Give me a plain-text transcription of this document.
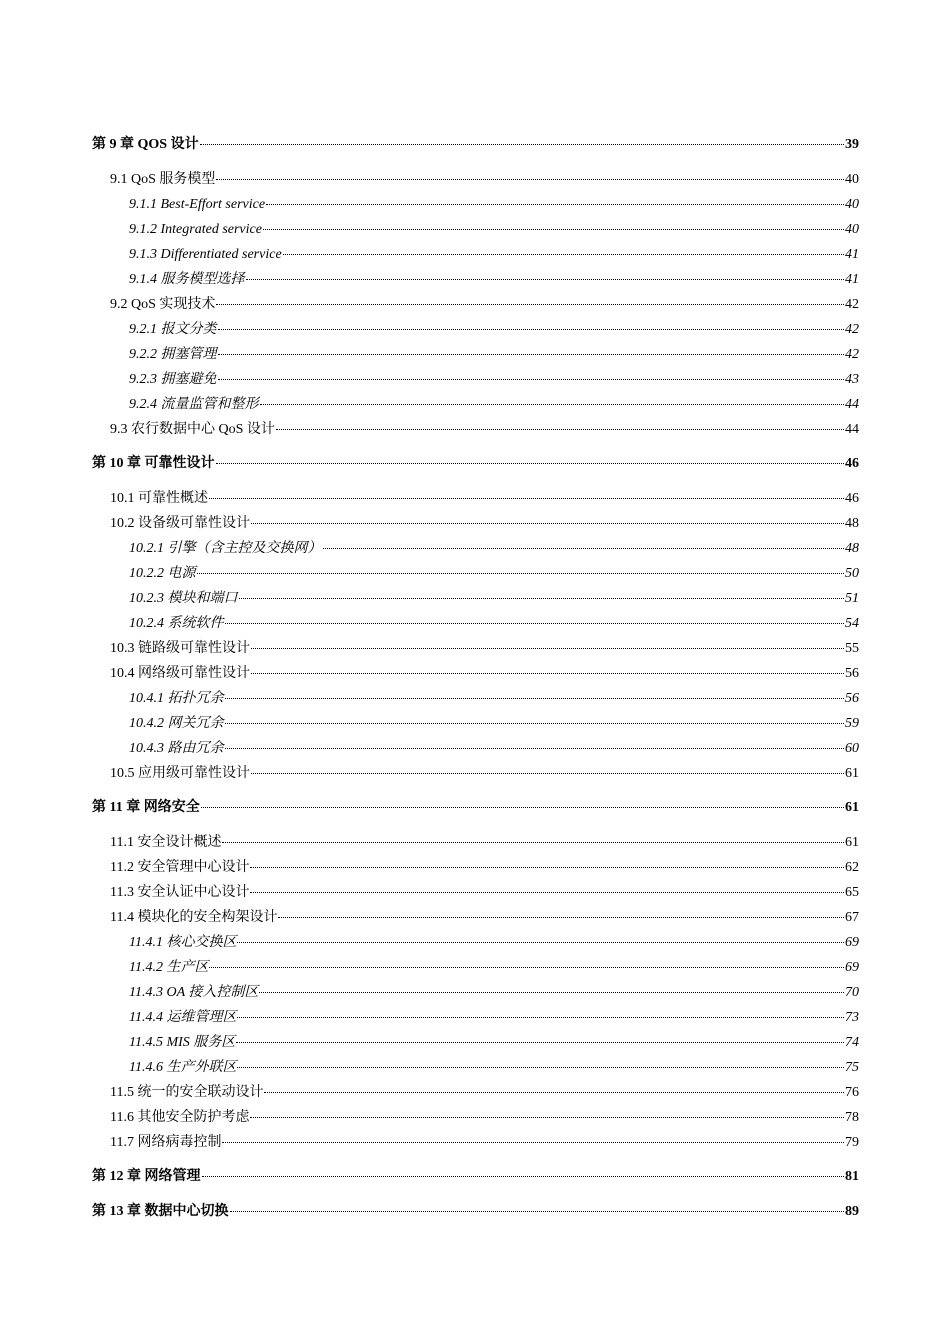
第 9 章 QOS 设计	39
9.1 QoS 服务模型	40
9.1.1 Best-Effort service	40
9.1.2 Integrated service	40
9.1.3 Differentiated service	41
9.1.4 服务模型选择	41
9.2 QoS 实现技术	42
9.2.1 报文分类	42
9.2.2 拥塞管理	42
9.2.3 拥塞避免	43
9.2.4 流量监管和整形	44
9.3 农行数据中心 QoS 设计	44
第 10 章 可靠性设计	46
10.1 可靠性概述	46
10.2 设备级可靠性设计	48
10.2.1 引擎（含主控及交换网）	48
10.2.2 电源	50
10.2.3 模块和端口	51
10.2.4 系统软件	54
10.3 链路级可靠性设计	55
10.4 网络级可靠性设计	56
10.4.1 拓扑冗余	56
10.4.2 网关冗余	59
10.4.3 路由冗余	60
10.5 应用级可靠性设计	61
第 11 章 网络安全	61
11.1 安全设计概述	61
11.2 安全管理中心设计	62
11.3 安全认证中心设计	65
11.4 模块化的安全构架设计	67
11.4.1 核心交换区	69
11.4.2 生产区	69
11.4.3 OA 接入控制区	70
11.4.4 运维管理区	73
11.4.5 MIS 服务区	74
11.4.6 生产外联区	75
11.5 统一的安全联动设计	76
11.6 其他安全防护考虑	78
11.7 网络病毒控制	79
第 12 章 网络管理	81
第 13 章 数据中心切换	89
